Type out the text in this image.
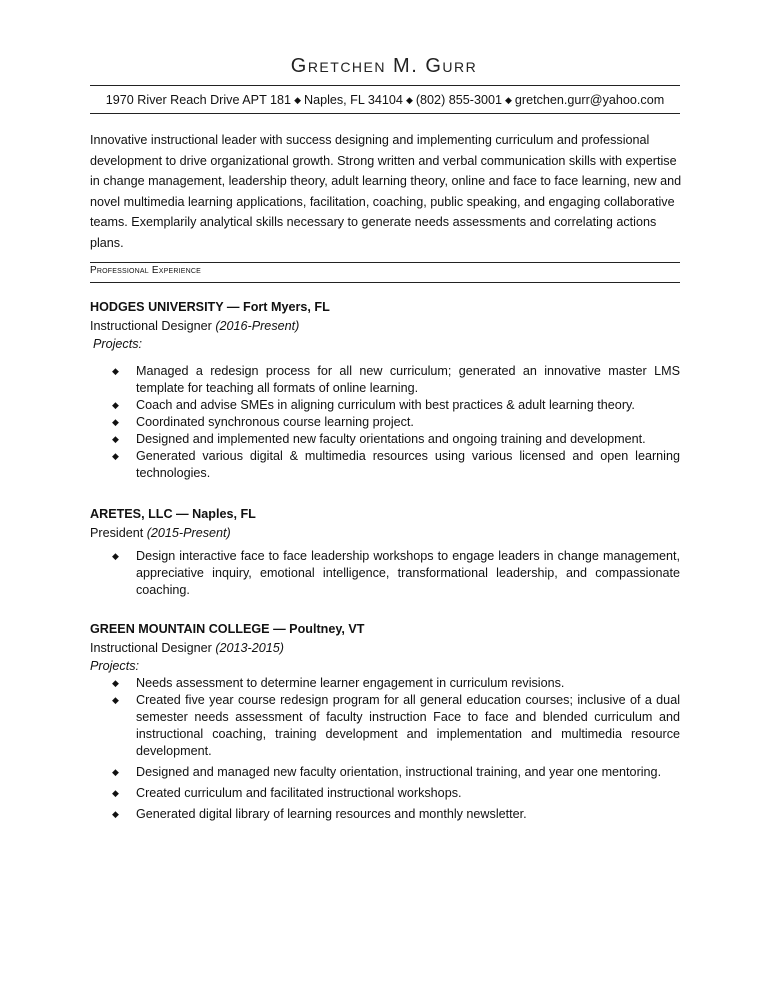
Gretchen M. Gurr
1970 River Reach Drive APT 181 ◆ Naples, FL 34104 ◆ (802) 855-3001 ◆ gretchen.gurr@yahoo.com
Innovative instructional leader with success designing and implementing curriculum and professional development to drive organizational growth. Strong written and verbal communication skills with expertise in change management, leadership theory, adult learning theory, online and face to face learning, new and novel multimedia learning applications, facilitation, coaching, public speaking, and engaging collaborative teams. Exemplarily analytical skills necessary to generate needs assessments and correlating actions plans.
Professional Experience
HODGES UNIVERSITY — Fort Myers, FL
Instructional Designer (2016-Present)
Projects:
◆ Managed a redesign process for all new curriculum; generated an innovative master LMS template for teaching all formats of online learning.
◆ Coach and advise SMEs in aligning curriculum with best practices & adult learning theory.
◆ Coordinated synchronous course learning project.
◆ Designed and implemented new faculty orientations and ongoing training and development.
◆ Generated various digital & multimedia resources using various licensed and open learning technologies.
ARETES, LLC — Naples, FL
President (2015-Present)
◆ Design interactive face to face leadership workshops to engage leaders in change management, appreciative inquiry, emotional intelligence, transformational leadership, and compassionate coaching.
GREEN MOUNTAIN COLLEGE — Poultney, VT
Instructional Designer (2013-2015)
Projects:
◆ Needs assessment to determine learner engagement in curriculum revisions.
◆ Created five year course redesign program for all general education courses; inclusive of a dual semester needs assessment of faculty instruction Face to face and blended curriculum and instructional coaching, training development and implementation and multimedia resource development.
◆ Designed and managed new faculty orientation, instructional training, and year one mentoring.
◆ Created curriculum and facilitated instructional workshops.
◆ Generated digital library of learning resources and monthly newsletter.
